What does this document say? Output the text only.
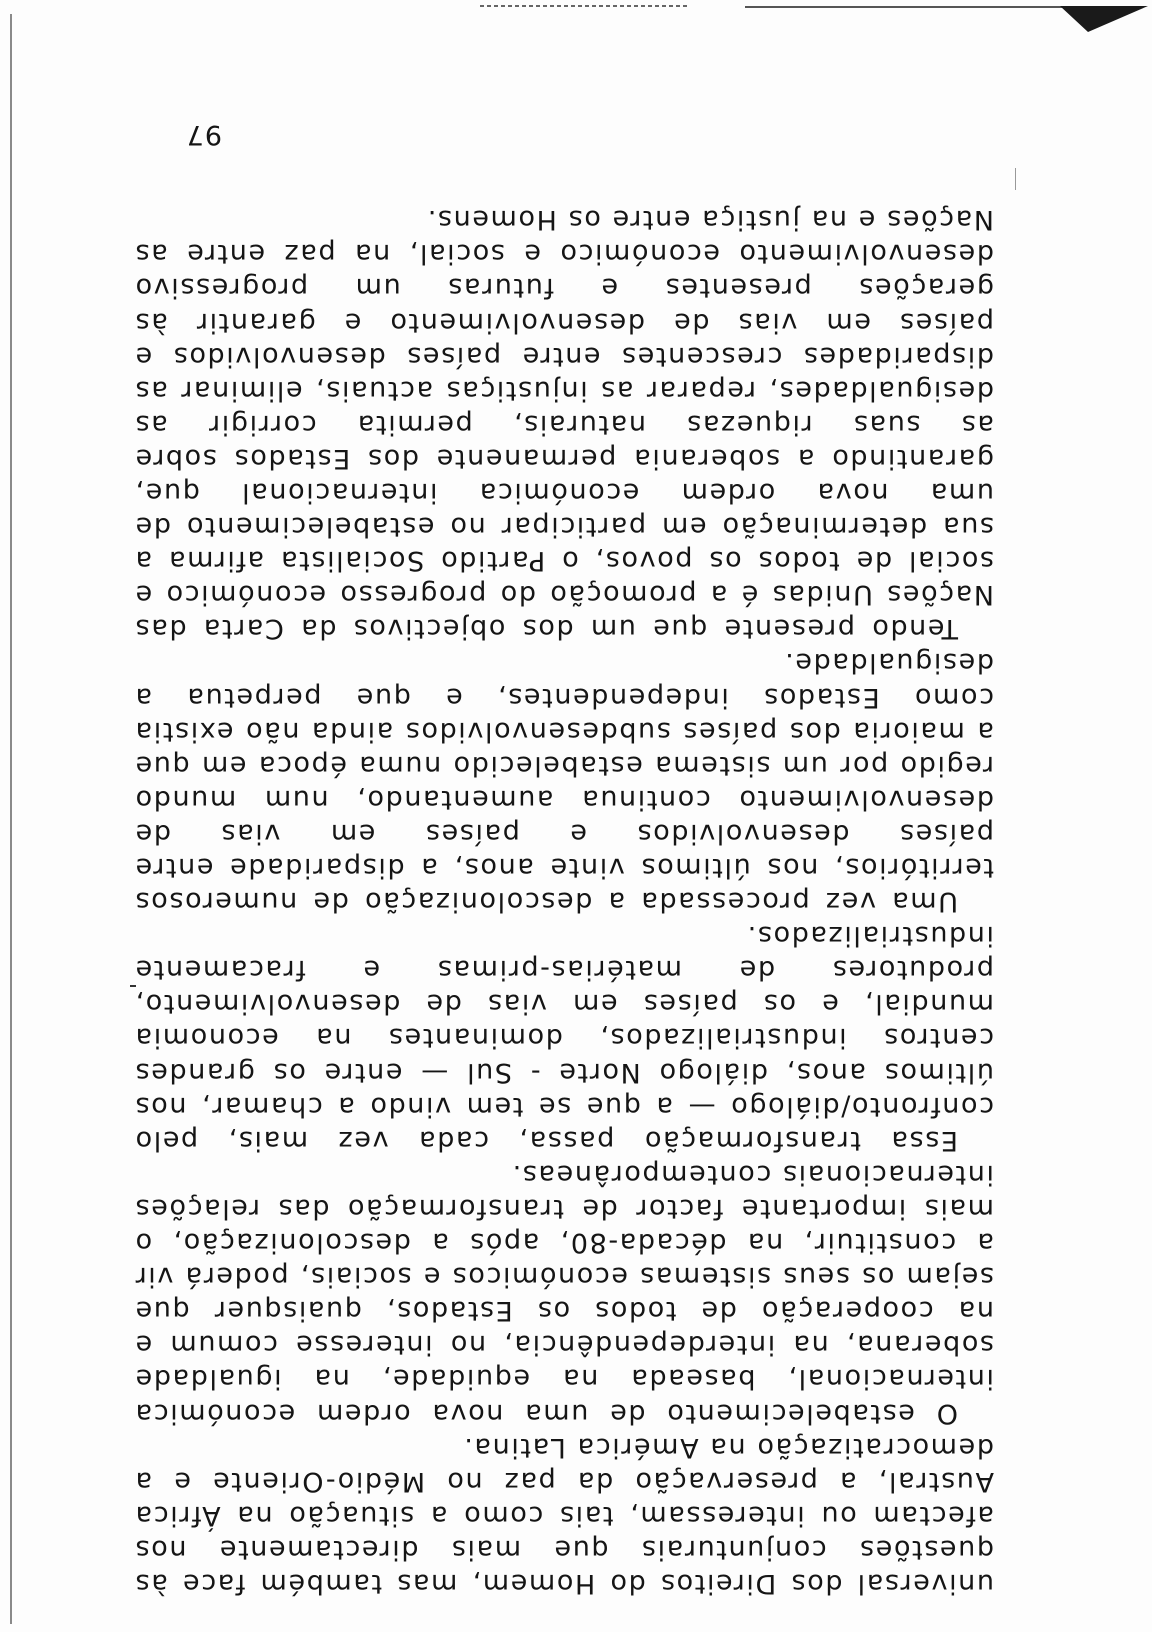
universal dos Direitos do Homem, mas também face às questões conjunturais que mais directamente nos afectam ou interessam, tais como a situação na África Austral, a preservação da paz no Médio-Oriente e a democratização na América Latina.

O estabelecimento de uma nova ordem económica internacional, baseada na equidade, na igualdade soberana, na interdependência, no interesse comum e na cooperação de todos os Estados, quaisquer que sejam os seus sistemas económicos e sociais, poderá vir a constituir, na década-80, após a descolonização, o mais importante factor de transformação das relações internacionais contemporâneas.

Essa transformação passa, cada vez mais, pelo confronto/diálogo — a que se tem vindo a chamar, nos últimos anos, diálogo Norte - Sul — entre os grandes centros industrializados, dominantes na economia mundial, e os países em vias de desenvolvimento, produtores de matérias-primas e fracamente industrializados.

Uma vez processada a descolonização de numerosos territórios, nos últimos vinte anos, a disparidade entre países desenvolvidos e países em vias de desenvolvimento continua aumentando, num mundo regido por um sistema estabelecido numa época em que a maioria dos países subdesenvolvidos ainda não existia como Estados independentes, e que perpetua a desigualdade.

Tendo presente que um dos objectivos da Carta das Nações Unidas é a promoção do progresso económico e social de todos os povos, o Partido Socialista afirma a sua determinação em participar no estabelecimento de uma nova ordem económica internacional que, garantindo a soberania permanente dos Estados sobre as suas riquezas naturais, permita corrigir as desigualdades, reparar as injustiças actuais, eliminar as disparidades crescentes entre países desenvolvidos e países em vias de desenvolvimento e garantir às gerações presentes e futuras um progressivo desenvolvimento económico e social, na paz entre as Nações e na justiça entre os Homens.

97
